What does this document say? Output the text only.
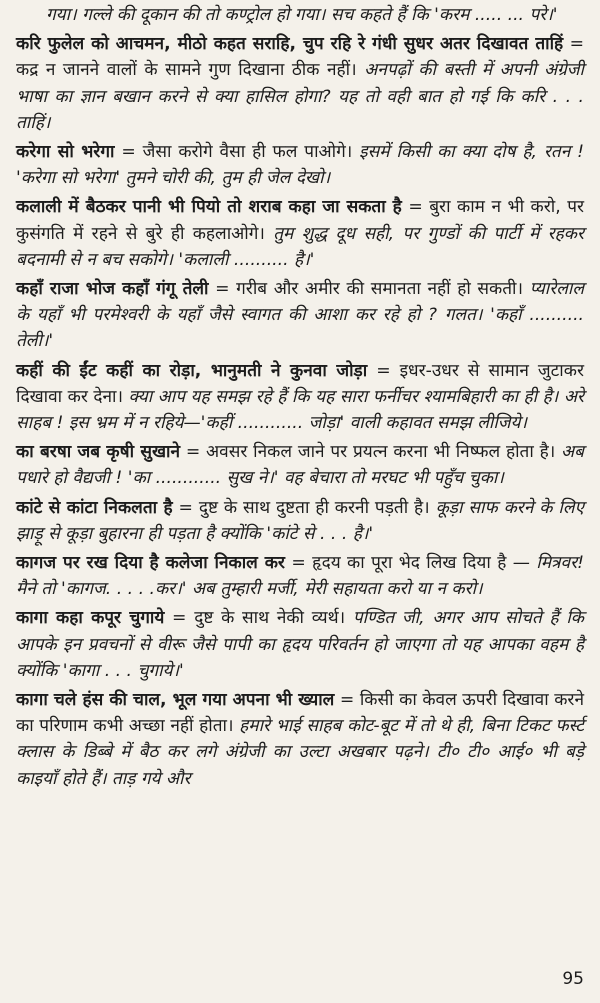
गया। गल्ले की दूकान की तो कण्ट्रोल हो गया। सच कहते हैं कि 'करम ..... ... परे।'

करि फुलेल को आचमन, मीठो कहत सराहि, चुप रहि रे गंधी सुधर अतर दिखावत ताहिं = कद्र न जानने वालों के सामने गुण दिखाना ठीक नहीं। अनपढ़ों की बस्ती में अपनी अंग्रेजी भाषा का ज्ञान बखान करने से क्या हासिल होगा? यह तो वही बात हो गई कि करि . . . ताहिं।

करेगा सो भरेगा = जैसा करोगे वैसा ही फल पाओगे। इसमें किसी का क्या दोष है, रतन ! 'करेगा सो भरेगा' तुमने चोरी की, तुम ही जेल देखो।

कलाली में बैठकर पानी भी पियो तो शराब कहा जा सकता है = बुरा काम न भी करो, पर कुसंगति में रहने से बुरे ही कहलाओगे। तुम शुद्ध दूध सही, पर गुण्डों की पार्टी में रहकर बदनामी से न बच सकोगे। 'कलाली .......... है।'

कहाँ राजा भोज कहाँ गंगू तेली = गरीब और अमीर की समानता नहीं हो सकती। प्यारेलाल के यहाँ भी परमेश्वरी के यहाँ जैसे स्वागत की आशा कर रहे हो ? गलत। 'कहाँ .......... तेली।'

कहीं की ईंट कहीं का रोड़ा, भानुमती ने कुनवा जोड़ा = इधर-उधर से सामान जुटाकर दिखावा कर देना। क्या आप यह समझ रहे हैं कि यह सारा फर्नीचर श्यामबिहारी का ही है। अरे साहब ! इस भ्रम में न रहिये—'कहीं ............ जोड़ा' वाली कहावत समझ लीजिये।

का बरषा जब कृषी सुखाने = अवसर निकल जाने पर प्रयत्न करना भी निष्फल होता है। अब पधारे हो वैद्यजी ! 'का ............ सुख ने।' वह बेचारा तो मरघट भी पहुँच चुका।

कांटे से कांटा निकलता है = दुष्ट के साथ दुष्टता ही करनी पड़ती है। कूड़ा साफ करने के लिए झाड़ू से कूड़ा बुहारना ही पड़ता है क्योंकि 'कांटे से . . . है।'

कागज पर रख दिया है कलेजा निकाल कर = हृदय का पूरा भेद लिख दिया है — मित्रवर! मैने तो 'कागज. . . . .कर।' अब तुम्हारी मर्जी, मेरी सहायता करो या न करो।

कागा कहा कपूर चुगाये = दुष्ट के साथ नेकी व्यर्थ। पण्डित जी, अगर आप सोचते हैं कि आपके इन प्रवचनों से वीरू जैसे पापी का हृदय परिवर्तन हो जाएगा तो यह आपका वहम है क्योंकि 'कागा . . . चुगाये।'

कागा चले हंस की चाल, भूल गया अपना भी ख्याल = किसी का केवल ऊपरी दिखावा करने का परिणाम कभी अच्छा नहीं होता। हमारे भाई साहब कोट-बूट में तो थे ही, बिना टिकट फर्स्ट क्लास के डिब्बे में बैठ कर लगे अंग्रेजी का उल्टा अखबार पढ़ने। टी० टी० आई० भी बड़े काइयाँ होते हैं। ताड़ गये और

95
